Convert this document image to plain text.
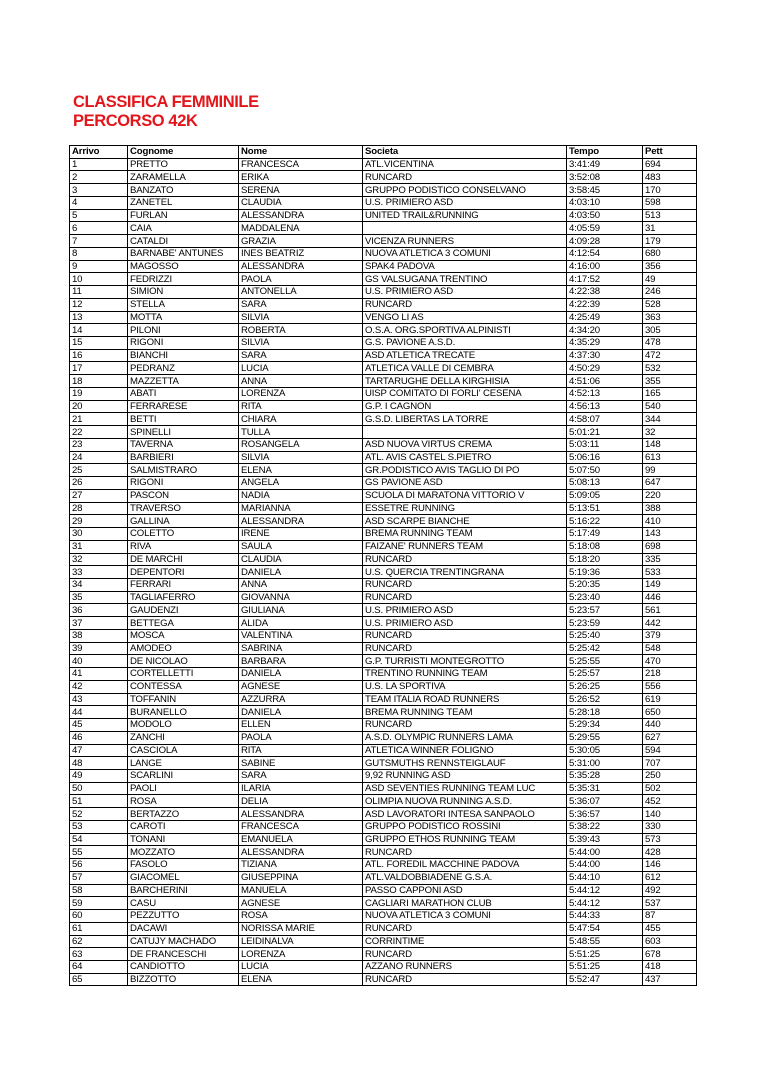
CLASSIFICA FEMMINILE
PERCORSO 42K
Arrivo	Cognome	Nome	Societa	Tempo	Pett
1	PRETTO	FRANCESCA	ATL.VICENTINA	3:41:49	694
2	ZARAMELLA	ERIKA	RUNCARD	3:52:08	483
3	BANZATO	SERENA	GRUPPO PODISTICO CONSELVANO	3:58:45	170
4	ZANETEL	CLAUDIA	U.S. PRIMIERO ASD	4:03:10	598
5	FURLAN	ALESSANDRA	UNITED TRAIL&RUNNING	4:03:50	513
6	CAIA	MADDALENA		4:05:59	31
7	CATALDI	GRAZIA	VICENZA RUNNERS	4:09:28	179
8	BARNABE' ANTUNES	INES BEATRIZ	NUOVA ATLETICA 3 COMUNI	4:12:54	680
9	MAGOSSO	ALESSANDRA	SPAK4 PADOVA	4:16:00	356
10	FEDRIZZI	PAOLA	GS VALSUGANA TRENTINO	4:17:52	49
11	SIMION	ANTONELLA	U.S. PRIMIERO ASD	4:22:38	246
12	STELLA	SARA	RUNCARD	4:22:39	528
13	MOTTA	SILVIA	VENGO LI AS	4:25:49	363
14	PILONI	ROBERTA	O.S.A. ORG.SPORTIVA ALPINISTI	4:34:20	305
15	RIGONI	SILVIA	G.S. PAVIONE A.S.D.	4:35:29	478
16	BIANCHI	SARA	ASD ATLETICA TRECATE	4:37:30	472
17	PEDRANZ	LUCIA	ATLETICA VALLE DI CEMBRA	4:50:29	532
18	MAZZETTA	ANNA	TARTARUGHE DELLA KIRGHISIA	4:51:06	355
19	ABATI	LORENZA	UISP COMITATO DI FORLI' CESENA	4:52:13	165
20	FERRARESE	RITA	G.P. I CAGNON	4:56:13	540
21	BETTI	CHIARA	G.S.D. LIBERTAS LA TORRE	4:58:07	344
22	SPINELLI	TULLA		5:01:21	32
23	TAVERNA	ROSANGELA	ASD NUOVA VIRTUS CREMA	5:03:11	148
24	BARBIERI	SILVIA	ATL. AVIS CASTEL S.PIETRO	5:06:16	613
25	SALMISTRARO	ELENA	GR.PODISTICO AVIS TAGLIO DI PO	5:07:50	99
26	RIGONI	ANGELA	GS PAVIONE ASD	5:08:13	647
27	PASCON	NADIA	SCUOLA DI MARATONA VITTORIO V	5:09:05	220
28	TRAVERSO	MARIANNA	ESSETRE RUNNING	5:13:51	388
29	GALLINA	ALESSANDRA	ASD SCARPE BIANCHE	5:16:22	410
30	COLETTO	IRENE	BREMA RUNNING TEAM	5:17:49	143
31	RIVA	SAULA	FAIZANE' RUNNERS TEAM	5:18:08	698
32	DE MARCHI	CLAUDIA	RUNCARD	5:18:20	335
33	DEPENTORI	DANIELA	U.S. QUERCIA TRENTINGRANA	5:19:36	533
34	FERRARI	ANNA	RUNCARD	5:20:35	149
35	TAGLIAFERRO	GIOVANNA	RUNCARD	5:23:40	446
36	GAUDENZI	GIULIANA	U.S. PRIMIERO ASD	5:23:57	561
37	BETTEGA	ALIDA	U.S. PRIMIERO ASD	5:23:59	442
38	MOSCA	VALENTINA	RUNCARD	5:25:40	379
39	AMODEO	SABRINA	RUNCARD	5:25:42	548
40	DE NICOLAO	BARBARA	G.P. TURRISTI MONTEGROTTO	5:25:55	470
41	CORTELLETTI	DANIELA	TRENTINO RUNNING TEAM	5:25:57	218
42	CONTESSA	AGNESE	U.S. LA SPORTIVA	5:26:25	556
43	TOFFANIN	AZZURRA	TEAM ITALIA ROAD RUNNERS	5:26:52	619
44	BURANELLO	DANIELA	BREMA RUNNING TEAM	5:28:18	650
45	MODOLO	ELLEN	RUNCARD	5:29:34	440
46	ZANCHI	PAOLA	A.S.D. OLYMPIC RUNNERS LAMA	5:29:55	627
47	CASCIOLA	RITA	ATLETICA WINNER FOLIGNO	5:30:05	594
48	LANGE	SABINE	GUTSMUTHS RENNSTEIGLAUF	5:31:00	707
49	SCARLINI	SARA	9,92 RUNNING ASD	5:35:28	250
50	PAOLI	ILARIA	ASD SEVENTIES RUNNING TEAM LUC	5:35:31	502
51	ROSA	DELIA	OLIMPIA NUOVA RUNNING A.S.D.	5:36:07	452
52	BERTAZZO	ALESSANDRA	ASD LAVORATORI INTESA SANPAOLO	5:36:57	140
53	CAROTI	FRANCESCA	GRUPPO PODISTICO ROSSINI	5:38:22	330
54	TONANI	EMANUELA	GRUPPO ETHOS RUNNING TEAM	5:39:43	573
55	MOZZATO	ALESSANDRA	RUNCARD	5:44:00	428
56	FASOLO	TIZIANA	ATL. FOREDIL MACCHINE PADOVA	5:44:00	146
57	GIACOMEL	GIUSEPPINA	ATL.VALDOBBIADENE G.S.A.	5:44:10	612
58	BARCHERINI	MANUELA	PASSO CAPPONI ASD	5:44:12	492
59	CASU	AGNESE	CAGLIARI MARATHON CLUB	5:44:12	537
60	PEZZUTTO	ROSA	NUOVA ATLETICA 3 COMUNI	5:44:33	87
61	DACAWI	NORISSA MARIE	RUNCARD	5:47:54	455
62	CATUJY MACHADO	LEIDINALVA	CORRINTIME	5:48:55	603
63	DE FRANCESCHI	LORENZA	RUNCARD	5:51:25	678
64	CANDIOTTO	LUCIA	AZZANO RUNNERS	5:51:25	418
65	BIZZOTTO	ELENA	RUNCARD	5:52:47	437
